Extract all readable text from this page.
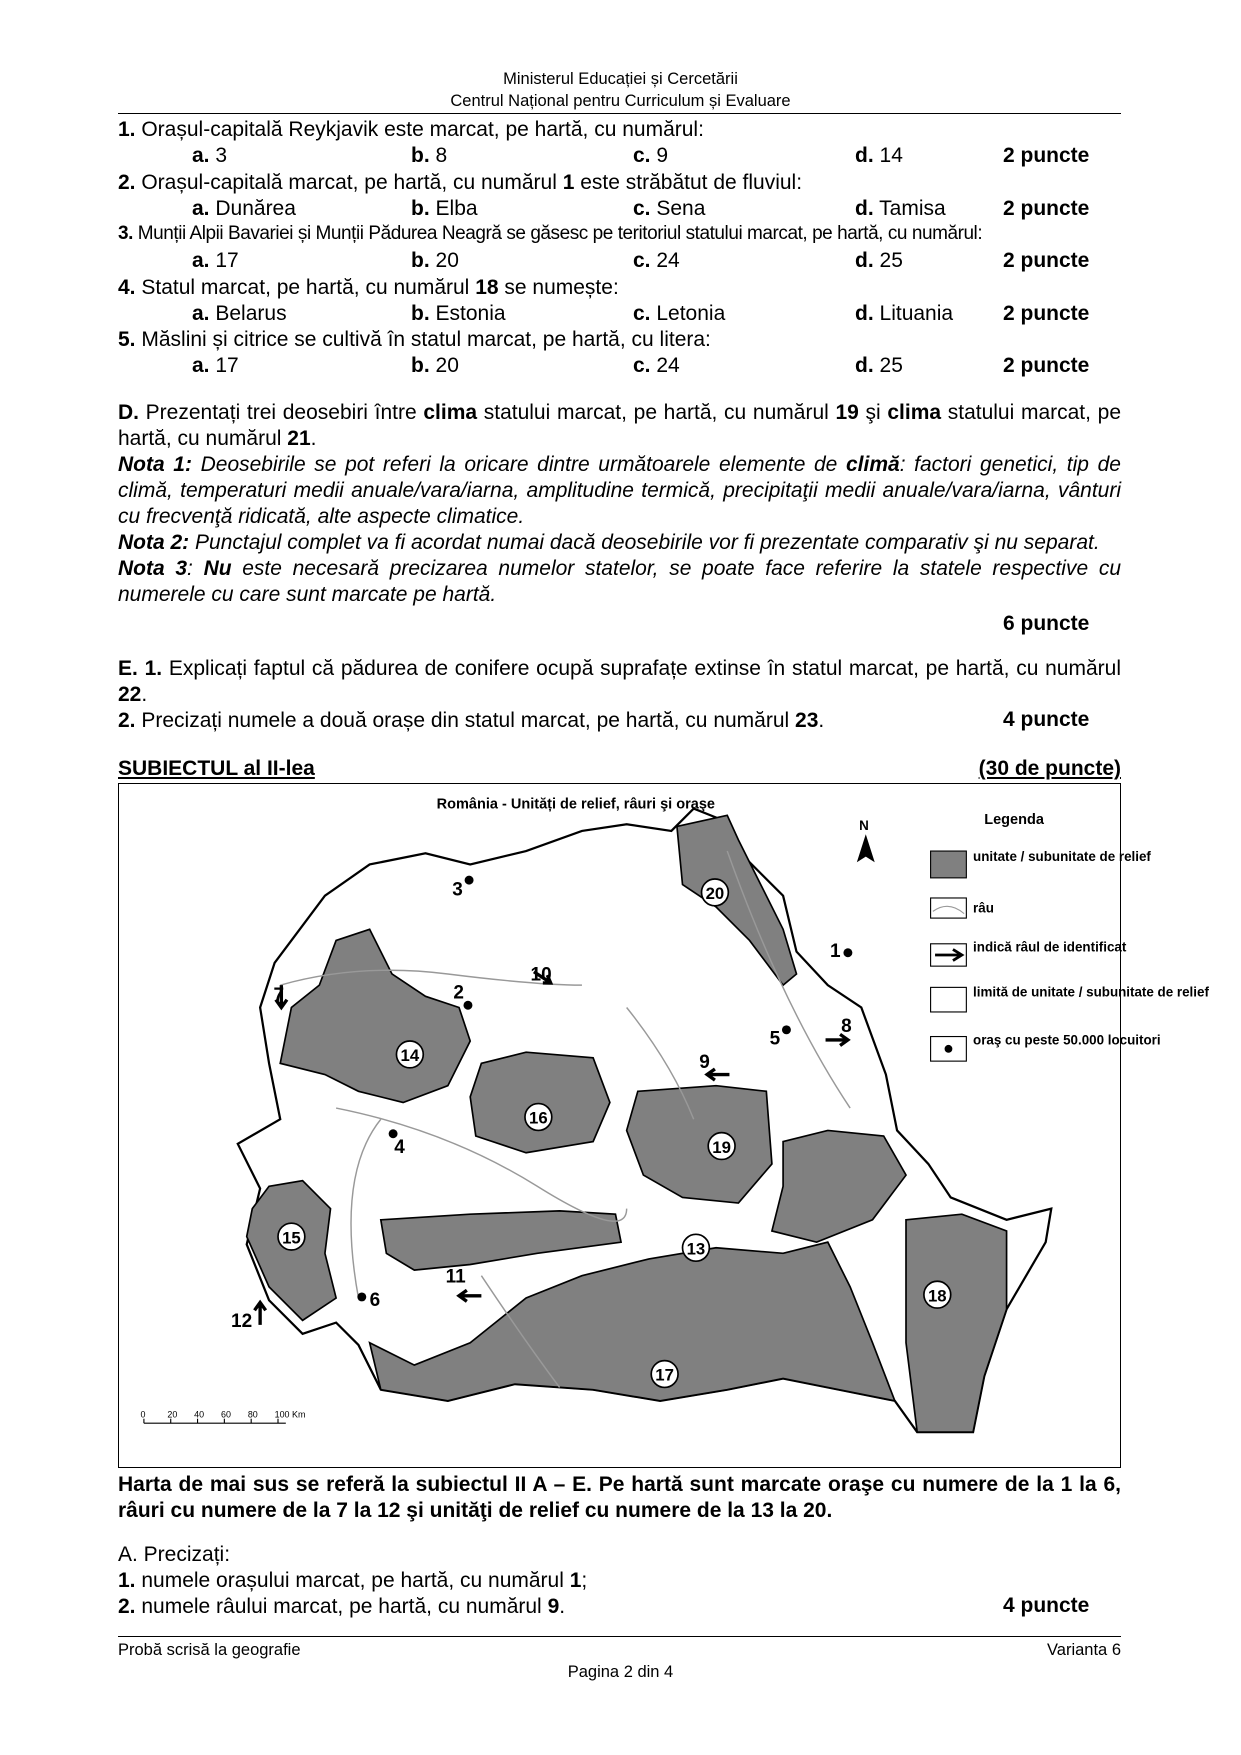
Ministerul Educației și Cercetării
Centrul Național pentru Curriculum și Evaluare
1. Orașul-capitală Reykjavik este marcat, pe hartă, cu numărul:
a. 3	b. 8	c. 9	d. 14	2 puncte
2. Orașul-capitală marcat, pe hartă, cu numărul 1 este străbătut de fluviul:
a. Dunărea	b. Elba	c. Sena	d. Tamisa	2 puncte
3. Munții Alpii Bavariei și Munții Pădurea Neagră se găsesc pe teritoriul statului marcat, pe hartă, cu numărul:
a. 17	b. 20	c. 24	d. 25	2 puncte
4. Statul marcat, pe hartă, cu numărul 18 se numește:
a. Belarus	b. Estonia	c. Letonia	d. Lituania 2 puncte
5. Măslini și citrice se cultivă în statul marcat, pe hartă, cu litera:
a. 17	b. 20	c. 24	d. 25	2 puncte
D. Prezentați trei deosebiri între clima statului marcat, pe hartă, cu numărul 19 şi clima statului marcat, pe hartă, cu numărul 21.
Nota 1: Deosebirile se pot referi la oricare dintre următoarele elemente de climă: factori genetici, tip de climă, temperaturi medii anuale/vara/iarna, amplitudine termică, precipitaţii medii anuale/vara/iarna, vânturi cu frecvenţă ridicată, alte aspecte climatice.
Nota 2: Punctajul complet va fi acordat numai dacă deosebirile vor fi prezentate comparativ şi nu separat.
Nota 3: Nu este necesară precizarea numelor statelor, se poate face referire la statele respective cu numerele cu care sunt marcate pe hartă.
6 puncte
E. 1. Explicați faptul că pădurea de conifere ocupă suprafațe extinse în statul marcat, pe hartă, cu numărul 22.
2. Precizați numele a două orașe din statul marcat, pe hartă, cu numărul 23.	4 puncte
SUBIECTUL al II-lea	(30 de puncte)
România - Unități de relief, râuri şi oraşe
N	Legenda
unitate / subunitate de relief
râu
indică râul de identificat
limită de unitate / subunitate de relief
oraş cu peste 50.000 locuitori
0	20 40 60 80 100 Km
1
2
3
4
5
6
7
8
9
10
11
12
13
14
15
16
17
18
19
20
Harta de mai sus se referă la subiectul II A – E. Pe hartă sunt marcate oraşe cu numere de la 1 la 6, râuri cu numere de la 7 la 12 şi unităţi de relief cu numere de la 13 la 20.
A. Precizați:
1. numele orașului marcat, pe hartă, cu numărul 1;
2. numele râului marcat, pe hartă, cu numărul 9.	4 puncte
Probă scrisă la geografie	Varianta 6
Pagina 2 din 4
